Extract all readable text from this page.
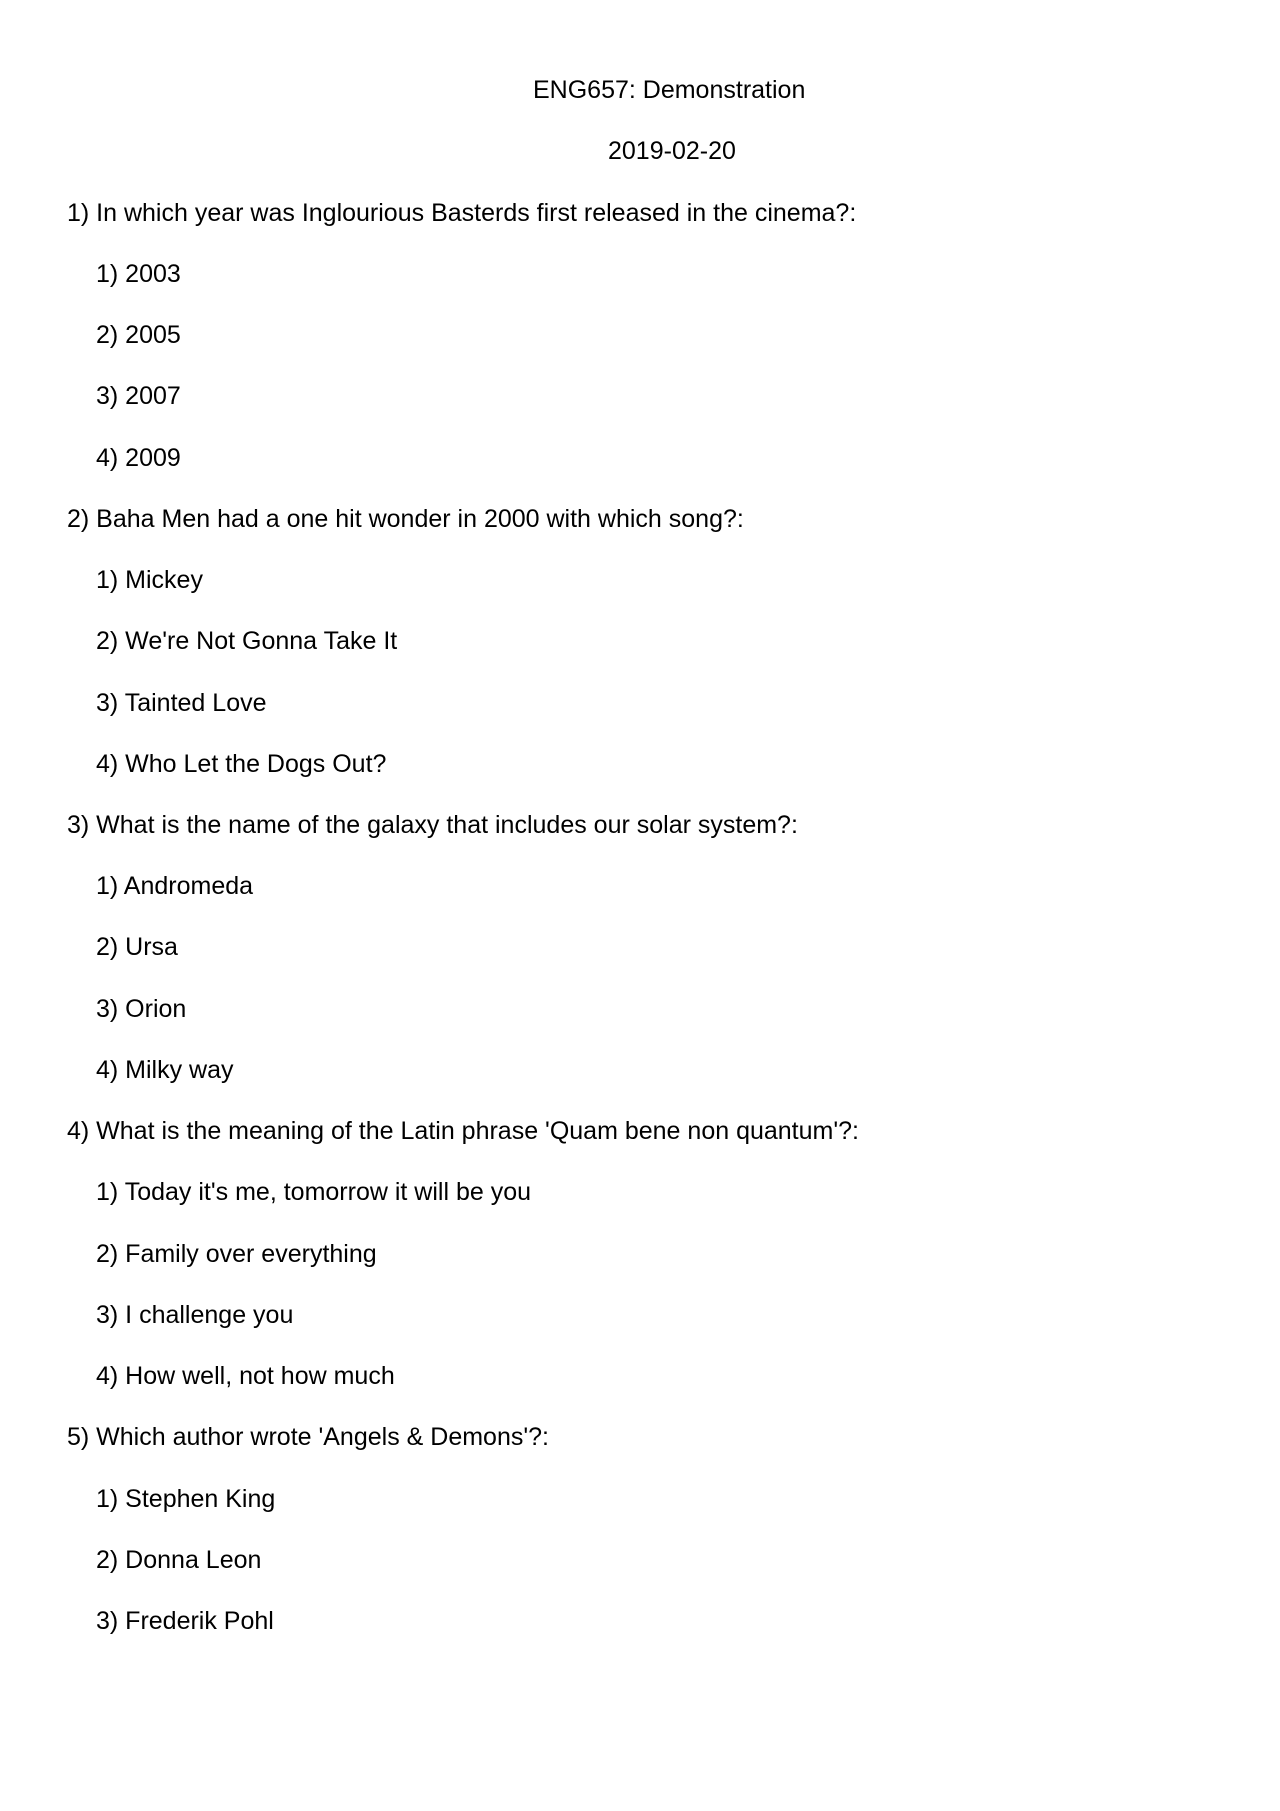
ENG657: Demonstration
2019-02-20
1) In which year was Inglourious Basterds first released in the cinema?:
1) 2003
2) 2005
3) 2007
4) 2009
2) Baha Men had a one hit wonder in 2000 with which song?:
1) Mickey
2) We're Not Gonna Take It
3) Tainted Love
4) Who Let the Dogs Out?
3) What is the name of the galaxy that includes our solar system?:
1) Andromeda
2) Ursa
3) Orion
4) Milky way
4) What is the meaning of the Latin phrase 'Quam bene non quantum'?:
1) Today it's me, tomorrow it will be you
2) Family over everything
3) I challenge you
4) How well, not how much
5) Which author wrote 'Angels & Demons'?:
1) Stephen King
2) Donna Leon
3) Frederik Pohl
